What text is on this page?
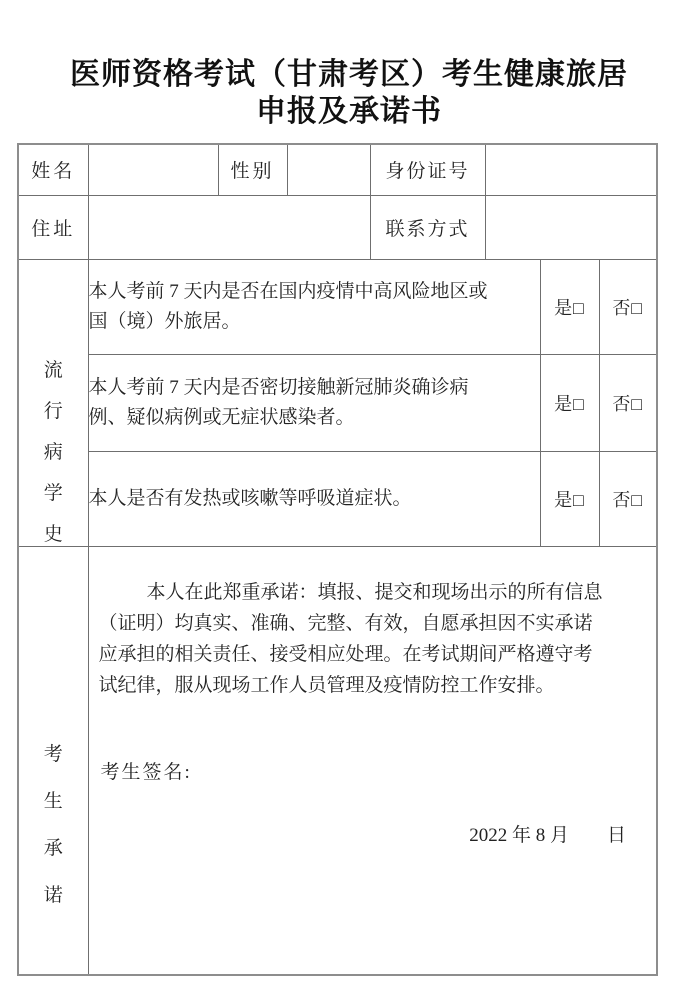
医师资格考试（甘肃考区）考生健康旅居
申报及承诺书
姓名		性别		身份证号			
住址				联系方式			

流
行
病
学
史	本人考前 7 天内是否在国内疫情中高风险地区或
国（境）外旅居。					是□	否□

	本人考前 7 天内是否密切接触新冠肺炎确诊病
例、疑似病例或无症状感染者。					是□	否□

	本人是否有发热或咳嗽等呼吸道症状。					是□	否□

考
生
承
诺

本人在此郑重承诺：填报、提交和现场出示的所有信息
（证明）均真实、准确、完整、有效，自愿承担因不实承诺
应承担的相关责任、接受相应处理。在考试期间严格遵守考
试纪律，服从现场工作人员管理及疫情防控工作安排。

考生签名:
2022 年 8 月　　日
